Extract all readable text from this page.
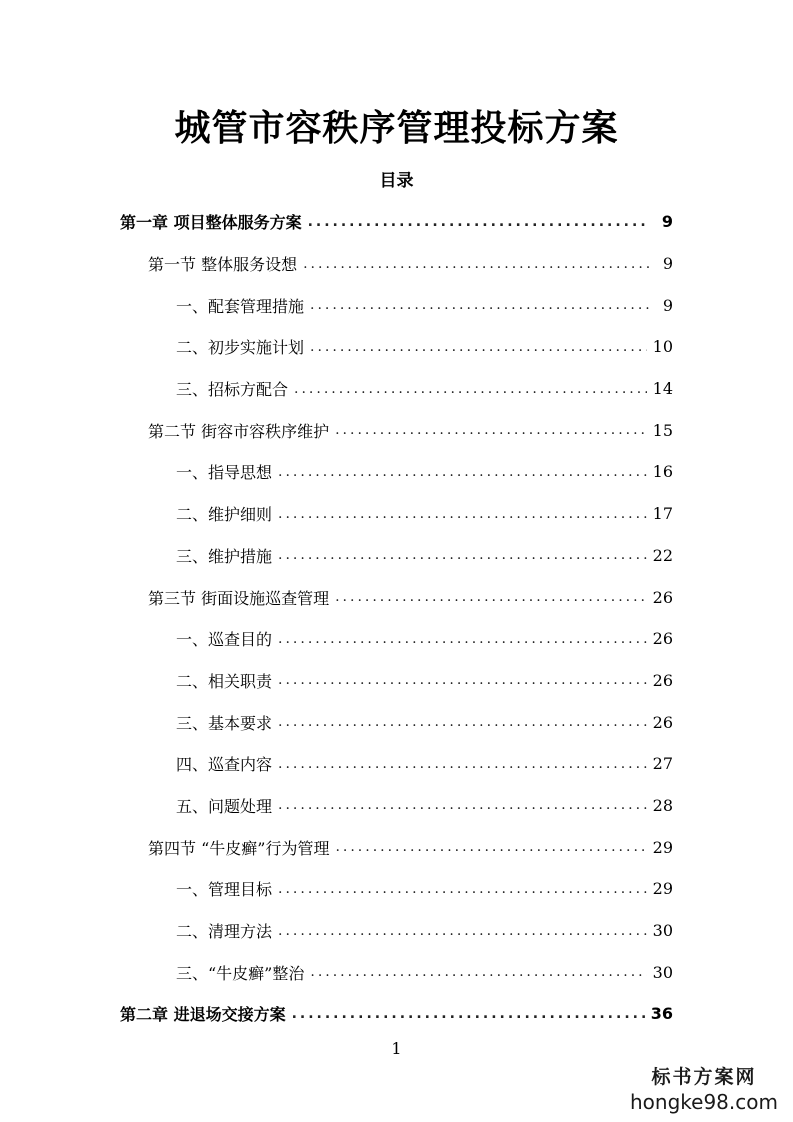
城管市容秩序管理投标方案
目录
第一章 项目整体服务方案 .....	9
第一节 整体服务设想 .....	9
一、配套管理措施 .....	9
二、初步实施计划 .....	10
三、招标方配合 .....	14
第二节 街容市容秩序维护 .....	15
一、指导思想 .....	16
二、维护细则 .....	17
三、维护措施 .....	22
第三节 街面设施巡查管理 .....	26
一、巡查目的 .....	26
二、相关职责 .....	26
三、基本要求 .....	26
四、巡查内容 .....	27
五、问题处理 .....	28
第四节 “牛皮癣”行为管理 .....	29
一、管理目标 .....	29
二、清理方法 .....	30
三、“牛皮癣”整治 .....	30
第二章 进退场交接方案 .....	36
1
标书方案网
hongke98.com
